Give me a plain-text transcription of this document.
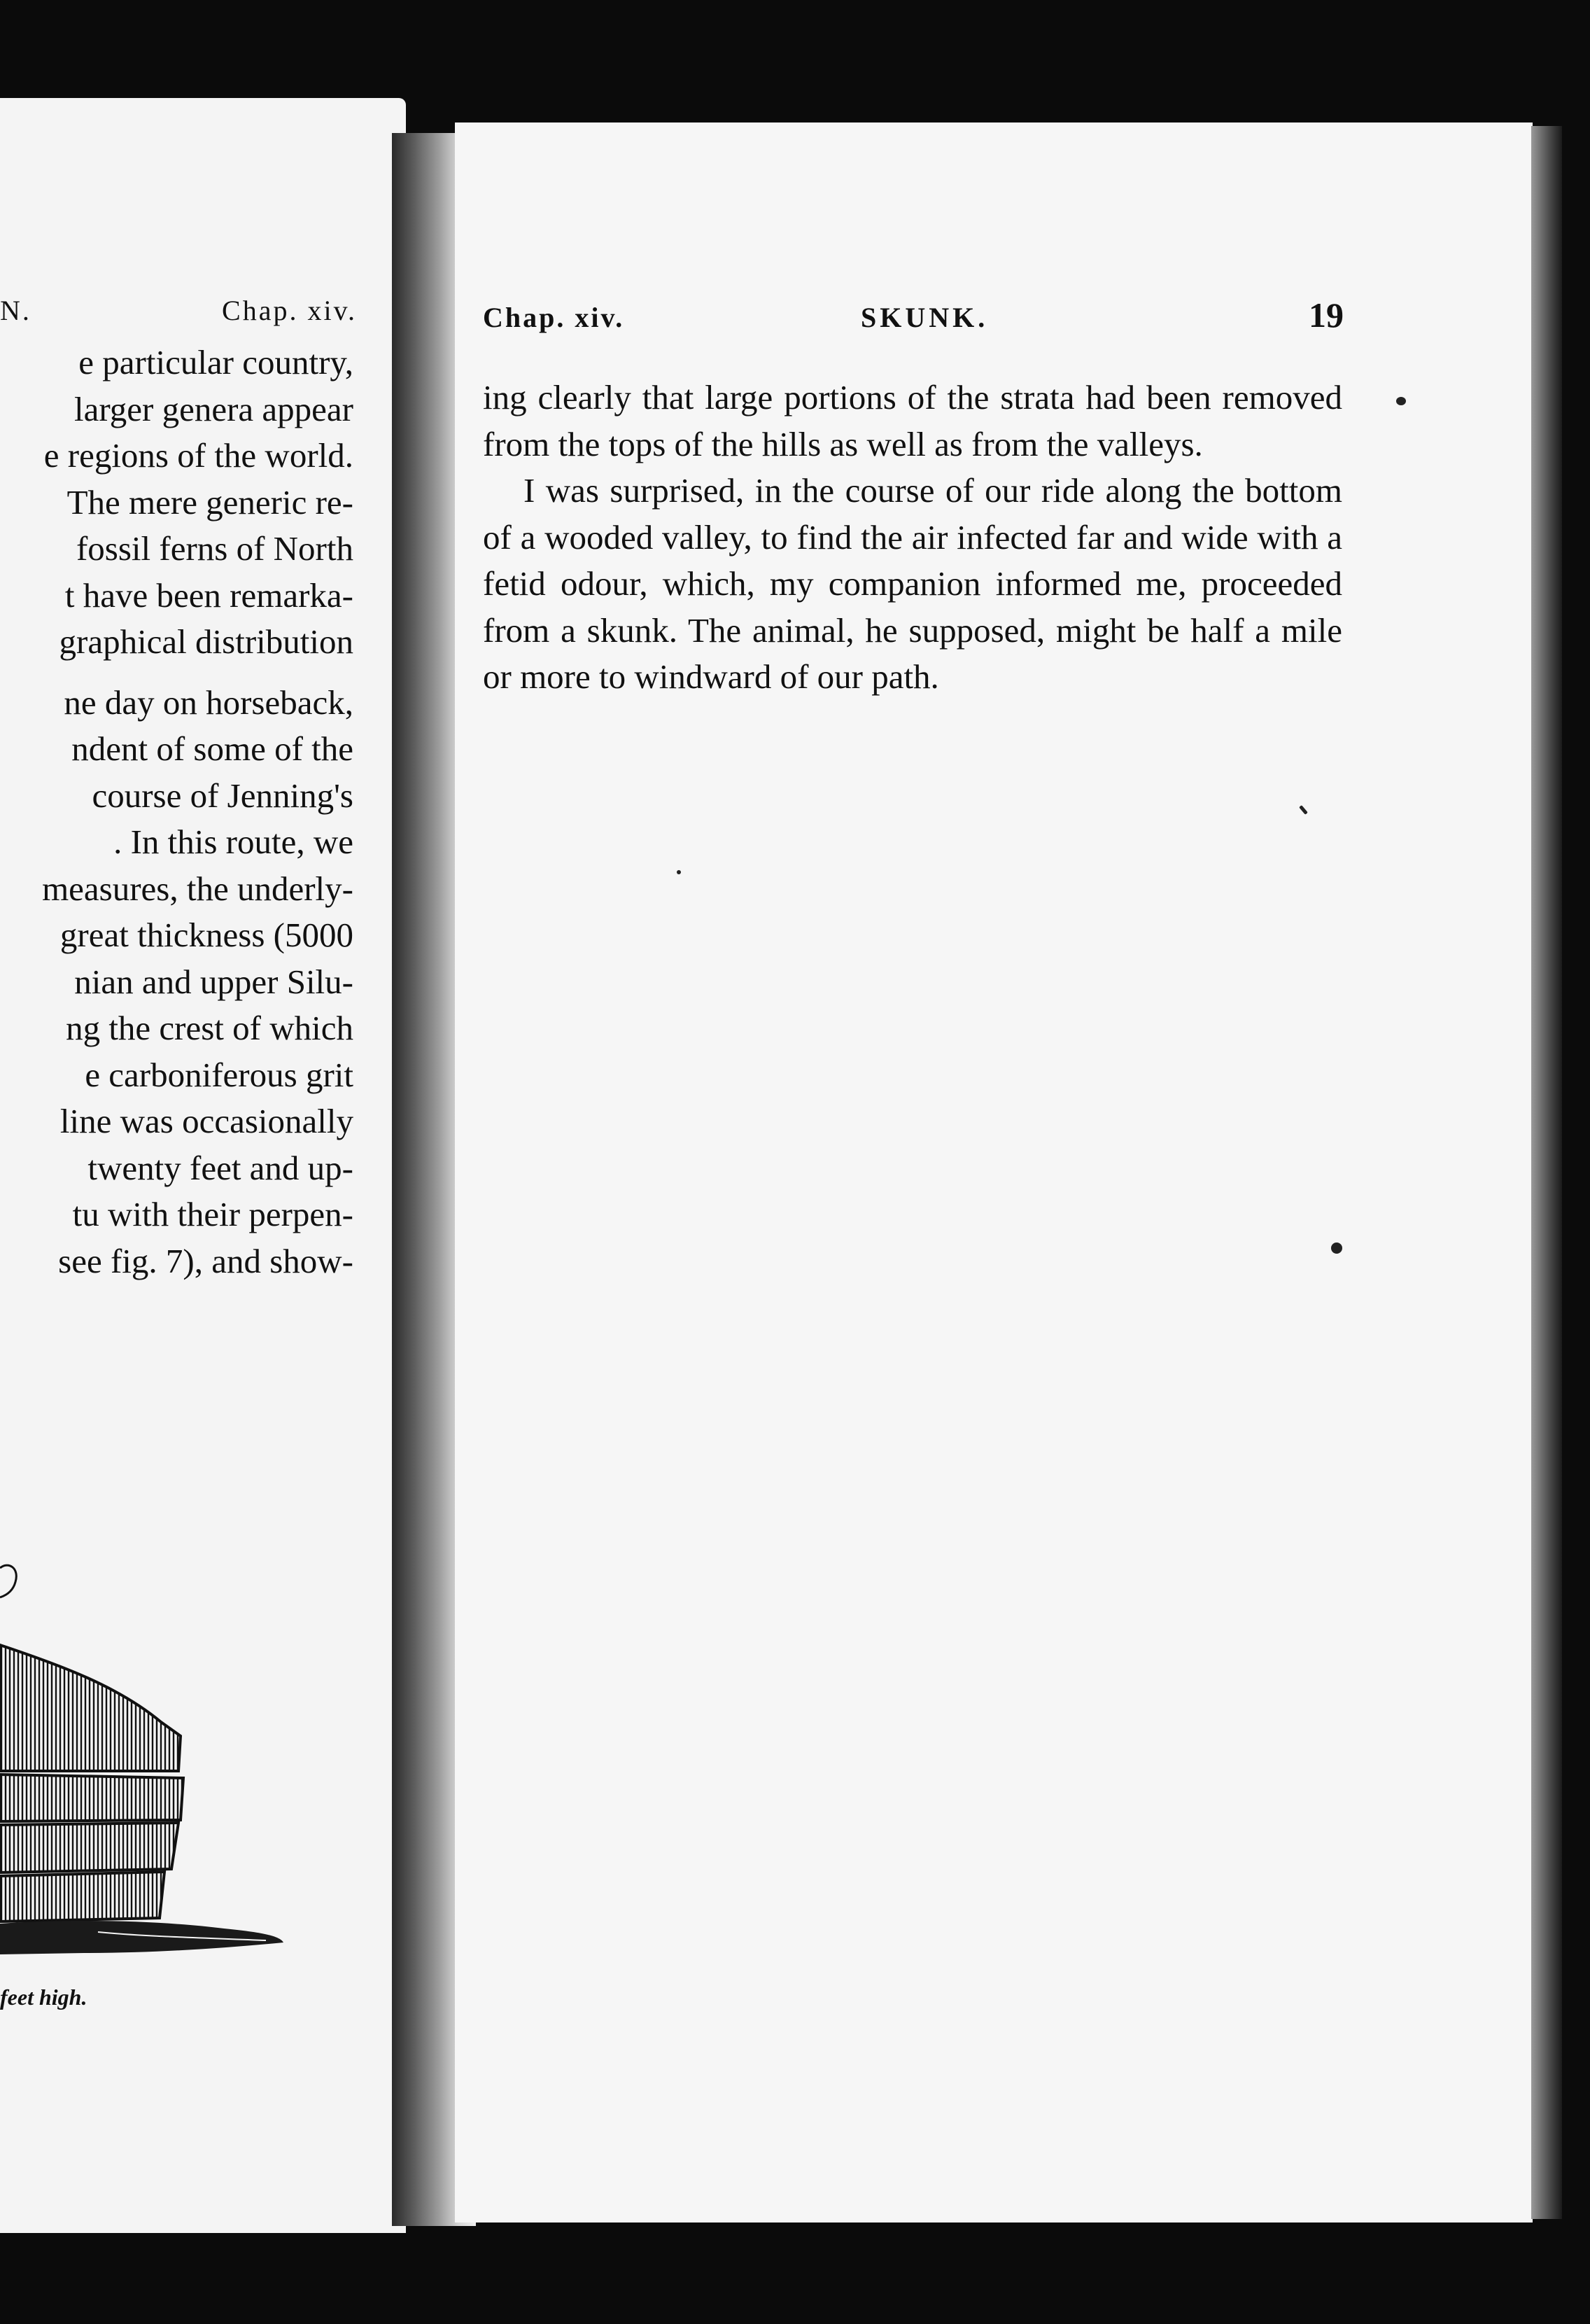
N.	Chap. xiv.
e particular country,
larger genera appear
e regions of the world.
The mere generic re-
fossil ferns of North
t have been remarka-
graphical distribution
ne day on horseback,
ndent of some of the
course of Jenning's
. In this route, we
measures, the underly-
great thickness (5000
nian and upper Silu-
ng the crest of which
e carboniferous grit
line was occasionally
twenty feet and up-
tu with their perpen-
see fig. 7), and show-
feet high.
Chap. xiv.	SKUNK.	19

ing clearly that large portions of the strata had been removed from the tops of the hills as well as from the valleys.

I was surprised, in the course of our ride along the bottom of a wooded valley, to find the air infected far and wide with a fetid odour, which, my companion informed me, proceeded from a skunk. The animal, he supposed, might be half a mile or more to windward of our path.
